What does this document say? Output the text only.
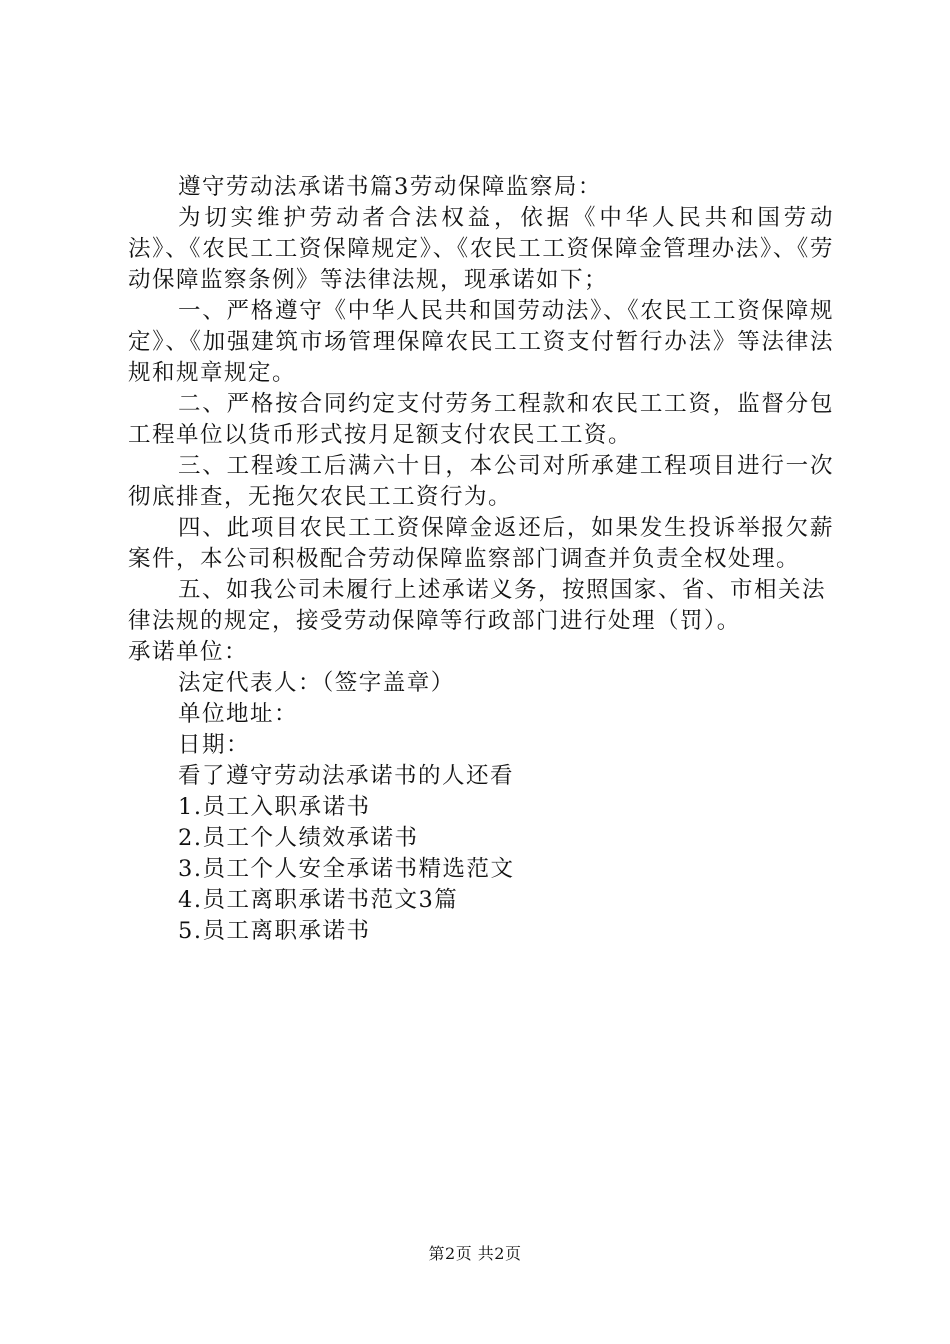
遵守劳动法承诺书篇3劳动保障监察局：

为切实维护劳动者合法权益，依据《中华人民共和国劳动法》、《农民工工资保障规定》、《农民工工资保障金管理办法》、《劳动保障监察条例》等法律法规，现承诺如下；

一、严格遵守《中华人民共和国劳动法》、《农民工工资保障规定》、《加强建筑市场管理保障农民工工资支付暂行办法》等法律法规和规章规定。

二、严格按合同约定支付劳务工程款和农民工工资，监督分包工程单位以货币形式按月足额支付农民工工资。

三、工程竣工后满六十日，本公司对所承建工程项目进行一次彻底排查，无拖欠农民工工资行为。

四、此项目农民工工资保障金返还后，如果发生投诉举报欠薪案件，本公司积极配合劳动保障监察部门调查并负责全权处理。

五、如我公司未履行上述承诺义务，按照国家、省、市相关法律法规的规定，接受劳动保障等行政部门进行处理（罚）。

承诺单位：

法定代表人：（签字盖章）

单位地址：

日期：

看了遵守劳动法承诺书的人还看

1.员工入职承诺书

2.员工个人绩效承诺书

3.员工个人安全承诺书精选范文

4.员工离职承诺书范文3篇

5.员工离职承诺书

第2页 共2页
